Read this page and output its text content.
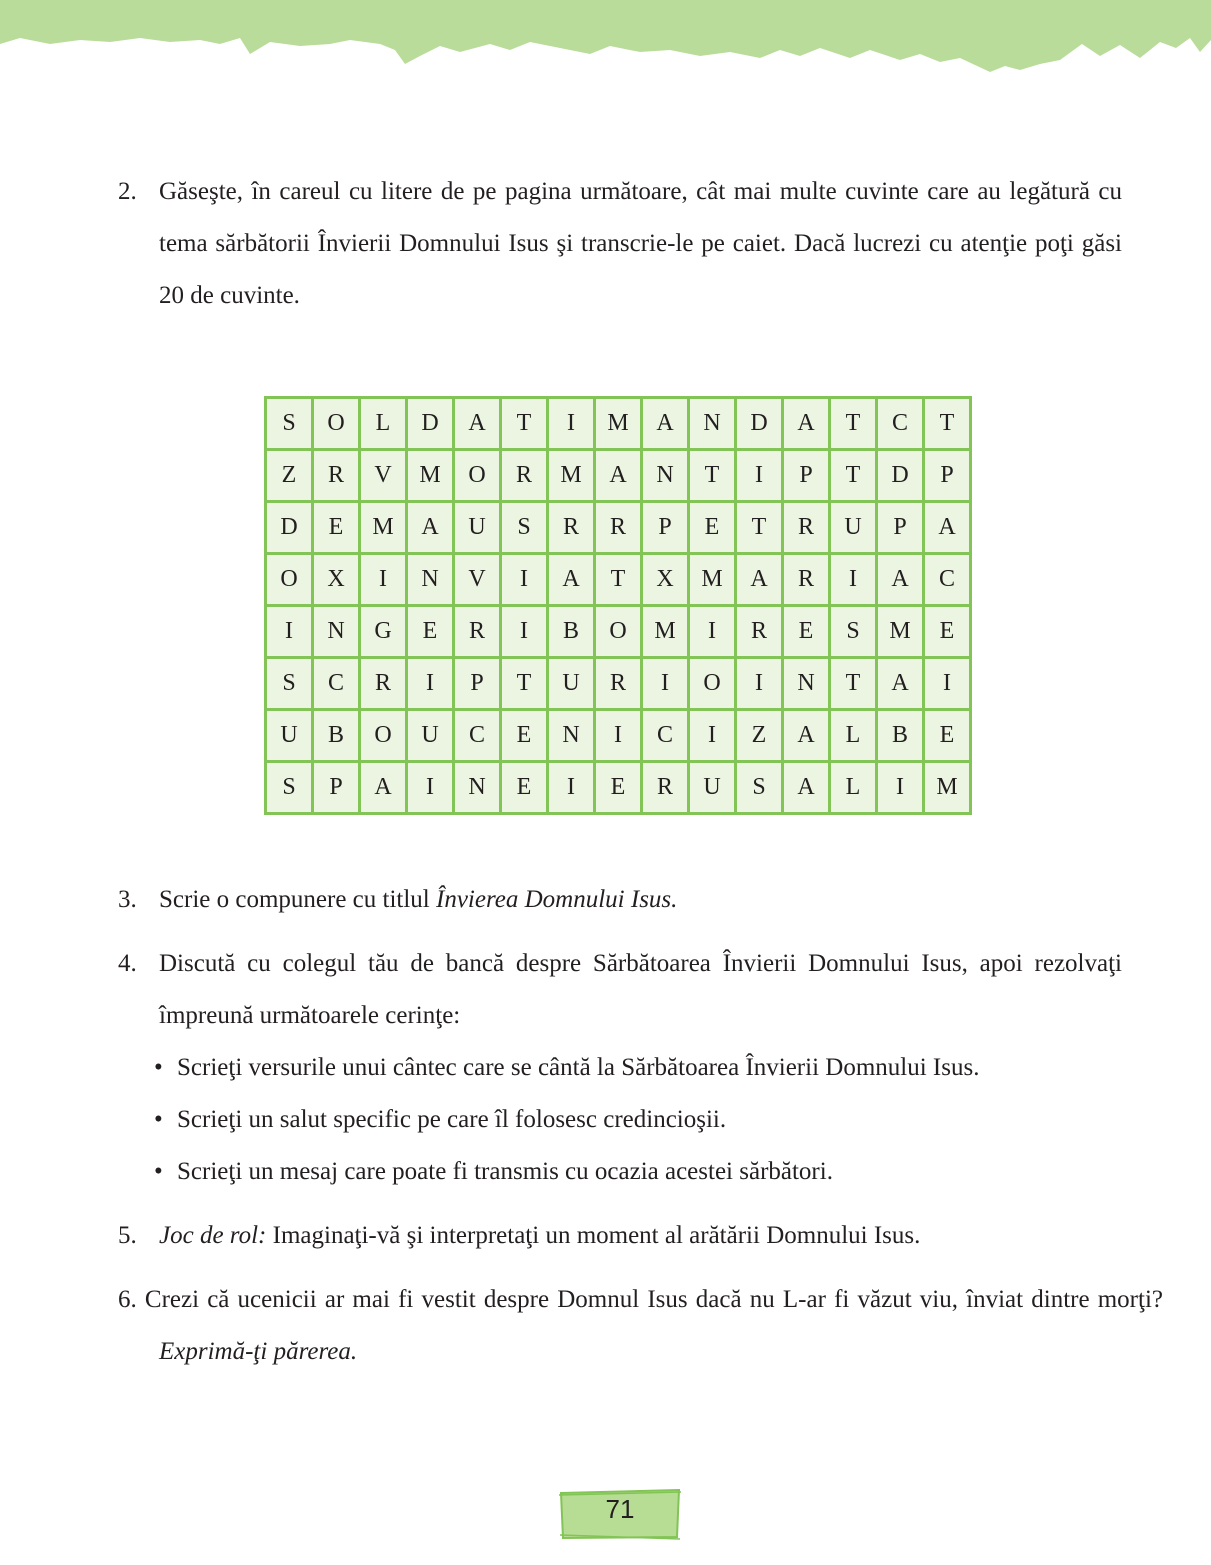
2. Găseşte, în careul cu litere de pe pagina următoare, cât mai multe cuvinte care au legătură cu tema sărbătorii Învierii Domnului Isus şi transcrie-le pe caiet. Dacă lucrezi cu atenţie poţi găsi 20 de cuvinte.
S	O	L	D	A	T	I	M	A	N	D	A	T	C	T
Z	R	V	M	O	R	M	A	N	T	I	P	T	D	P
D	E	M	A	U	S	R	R	P	E	T	R	U	P	A
O	X	I	N	V	I	A	T	X	M	A	R	I	A	C
I	N	G	E	R	I	B	O	M	I	R	E	S	M	E
S	C	R	I	P	T	U	R	I	O	I	N	T	A	I
U	B	O	U	C	E	N	I	C	I	Z	A	L	B	E
S	P	A	I	N	E	I	E	R	U	S	A	L	I	M
3. Scrie o compunere cu titlul Învierea Domnului Isus.
4. Discută cu colegul tău de bancă despre Sărbătoarea Învierii Domnului Isus, apoi rezolvaţi împreună următoarele cerinţe:
• Scrieţi versurile unui cântec care se cântă la Sărbătoarea Învierii Domnului Isus.
• Scrieţi un salut specific pe care îl folosesc credincioşii.
• Scrieţi un mesaj care poate fi transmis cu ocazia acestei sărbători.
5. Joc de rol: Imaginaţi-vă şi interpretaţi un moment al arătării Domnului Isus.
6. Crezi că ucenicii ar mai fi vestit despre Domnul Isus dacă nu L-ar fi văzut viu, înviat dintre morţi? Exprimă-ţi părerea.
71
